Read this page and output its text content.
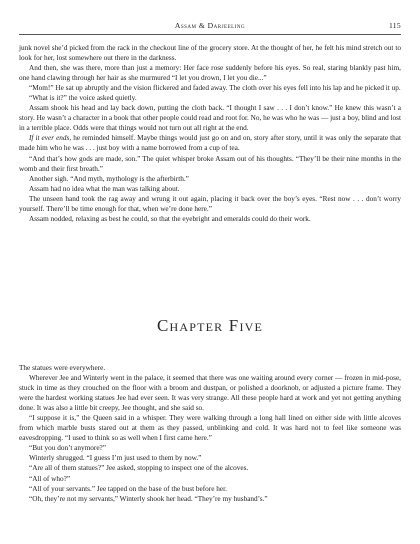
Assam & Darjeeling	115

junk novel she’d picked from the rack in the checkout line of the grocery store. At the thought of her, he felt his mind stretch out to look for her, lost somewhere out there in the darkness.

And then, she was there, more than just a memory: Her face rose suddenly before his eyes. So real, staring blankly past him, one hand clawing through her hair as she murmured “I let you drown, I let you die...”

“Mom!” He sat up abruptly and the vision flickered and faded away. The cloth over his eyes fell into his lap and he picked it up.

“What is it?” the voice asked quietly.

Assam shook his head and lay back down, putting the cloth back. “I thought I saw . . . I don’t know.” He knew this wasn’t a story. He wasn’t a character in a book that other people could read and root for. No, he was who he was — just a boy, blind and lost in a terrible place. Odds were that things would not turn out all right at the end.

If it ever ends, he reminded himself. Maybe things would just go on and on, story after story, until it was only the separate that made him who he was . . . just boy with a name borrowed from a cup of tea.

“And that’s how gods are made, son.” The quiet whisper broke Assam out of his thoughts. “They’ll be their nine months in the womb and their first breath.”

Another sigh. “And myth, mythology is the afterbirth.”

Assam had no idea what the man was talking about.

The unseen hand took the rag away and wrung it out again, placing it back over the boy’s eyes. “Rest now . . . don’t worry yourself. There’ll be time enough for that, when we’re done here.”

Assam nodded, relaxing as best he could, so that the eyebright and emeralds could do their work.

Chapter Five

The statues were everywhere.

Wherever Jee and Winterly went in the palace, it seemed that there was one waiting around every corner — frozen in mid-pose, stuck in time as they crouched on the floor with a broom and dustpan, or polished a doorknob, or adjusted a picture frame. They were the hardest working statues Jee had ever seen. It was very strange. All these people hard at work and yet not getting anything done. It was also a little bit creepy, Jee thought, and she said so.

“I suppose it is,” the Queen said in a whisper. They were walking through a long hall lined on either side with little alcoves from which marble busts stared out at them as they passed, unblinking and cold. It was hard not to feel like someone was eavesdropping. “I used to think so as well when I first came here.”

“But you don’t anymore?”

Winterly shrugged. “I guess I’m just used to them by now.”

“Are all of them statues?” Jee asked, stopping to inspect one of the alcoves.

“All of who?”

“All of your servants.” Jee tapped on the base of the bust before her.

“Oh, they’re not my servants,” Winterly shook her head. “They’re my husband’s.”
